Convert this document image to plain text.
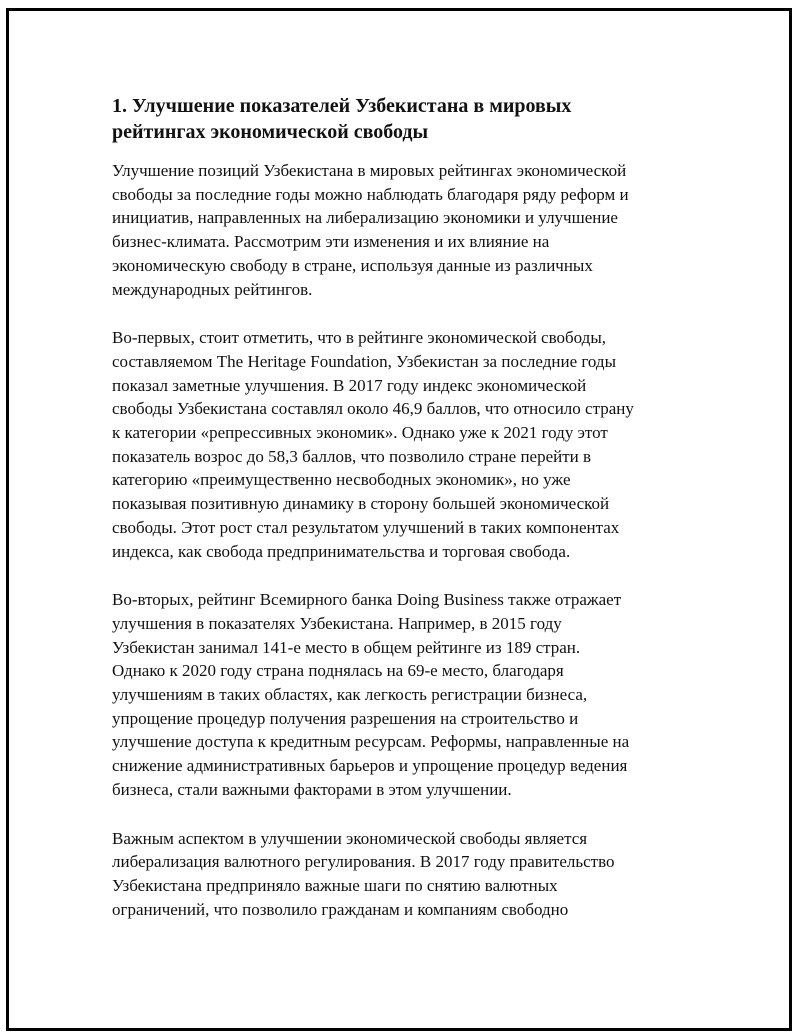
1. Улучшение показателей Узбекистана в мировых
рейтингах экономической свободы

Улучшение позиций Узбекистана в мировых рейтингах экономической
свободы за последние годы можно наблюдать благодаря ряду реформ и
инициатив, направленных на либерализацию экономики и улучшение
бизнес-климата. Рассмотрим эти изменения и их влияние на
экономическую свободу в стране, используя данные из различных
международных рейтингов.

Во-первых, стоит отметить, что в рейтинге экономической свободы,
составляемом The Heritage Foundation, Узбекистан за последние годы
показал заметные улучшения. В 2017 году индекс экономической
свободы Узбекистана составлял около 46,9 баллов, что относило страну
к категории «репрессивных экономик». Однако уже к 2021 году этот
показатель возрос до 58,3 баллов, что позволило стране перейти в
категорию «преимущественно несвободных экономик», но уже
показывая позитивную динамику в сторону большей экономической
свободы. Этот рост стал результатом улучшений в таких компонентах
индекса, как свобода предпринимательства и торговая свобода.

Во-вторых, рейтинг Всемирного банка Doing Business также отражает
улучшения в показателях Узбекистана. Например, в 2015 году
Узбекистан занимал 141-е место в общем рейтинге из 189 стран.
Однако к 2020 году страна поднялась на 69-е место, благодаря
улучшениям в таких областях, как легкость регистрации бизнеса,
упрощение процедур получения разрешения на строительство и
улучшение доступа к кредитным ресурсам. Реформы, направленные на
снижение административных барьеров и упрощение процедур ведения
бизнеса, стали важными факторами в этом улучшении.

Важным аспектом в улучшении экономической свободы является
либерализация валютного регулирования. В 2017 году правительство
Узбекистана предприняло важные шаги по снятию валютных
ограничений, что позволило гражданам и компаниям свободно
